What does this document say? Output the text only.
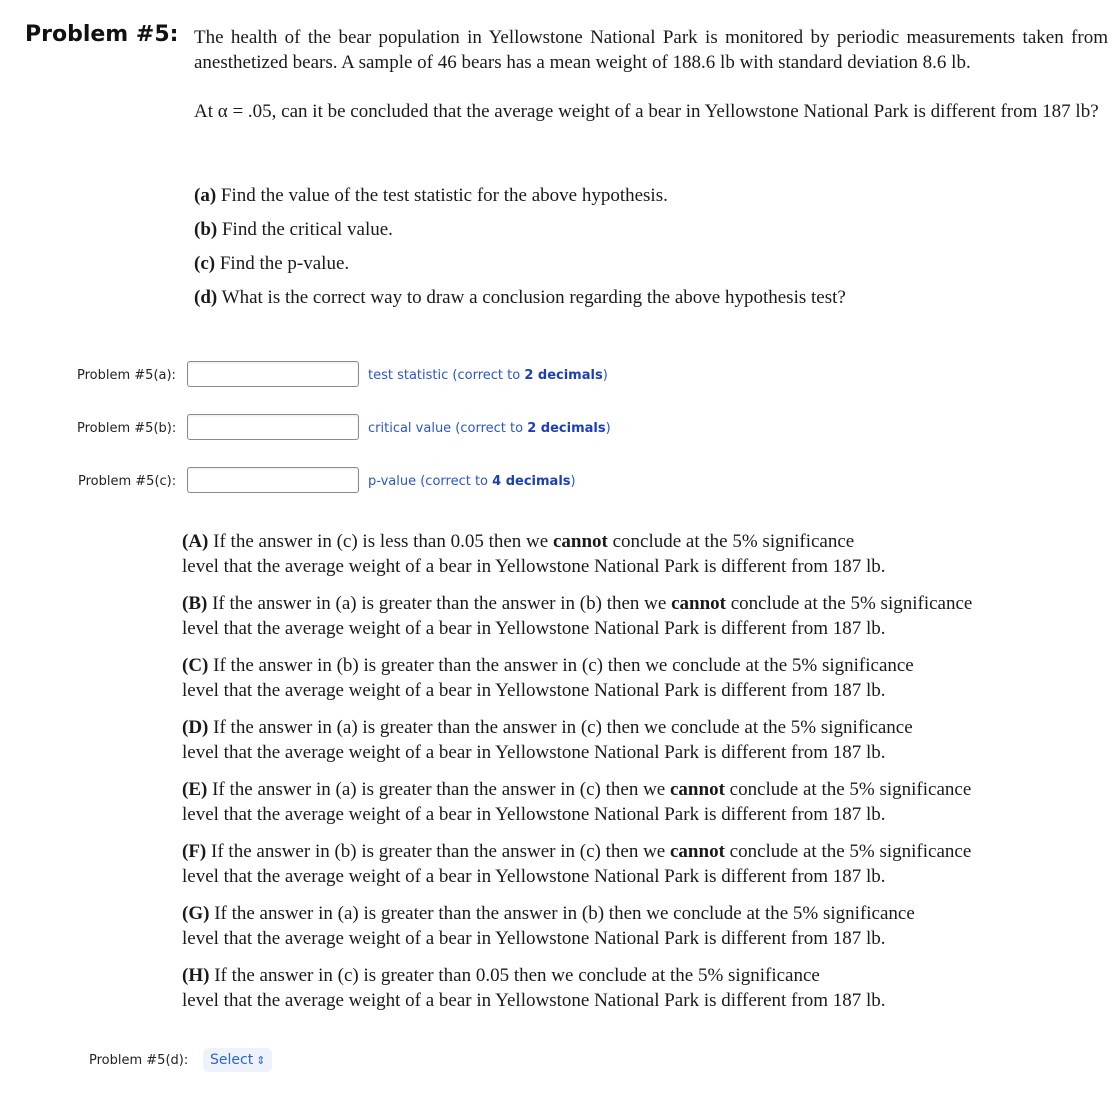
Problem #5: The health of the bear population in Yellowstone National Park is monitored by periodic measurements taken from anesthetized bears. A sample of 46 bears has a mean weight of 188.6 lb with standard deviation 8.6 lb.
At α = .05, can it be concluded that the average weight of a bear in Yellowstone National Park is different from 187 lb?
(a) Find the value of the test statistic for the above hypothesis.
(b) Find the critical value.
(c) Find the p-value.
(d) What is the correct way to draw a conclusion regarding the above hypothesis test?
Problem #5(a):	test statistic (correct to 2 decimals)
Problem #5(b):	critical value (correct to 2 decimals)
Problem #5(c):	p-value (correct to 4 decimals)
(A) If the answer in (c) is less than 0.05 then we cannot conclude at the 5% significance
level that the average weight of a bear in Yellowstone National Park is different from 187 lb.
(B) If the answer in (a) is greater than the answer in (b) then we cannot conclude at the 5% significance
level that the average weight of a bear in Yellowstone National Park is different from 187 lb.
(C) If the answer in (b) is greater than the answer in (c) then we conclude at the 5% significance
level that the average weight of a bear in Yellowstone National Park is different from 187 lb.
(D) If the answer in (a) is greater than the answer in (c) then we conclude at the 5% significance
level that the average weight of a bear in Yellowstone National Park is different from 187 lb.
(E) If the answer in (a) is greater than the answer in (c) then we cannot conclude at the 5% significance
level that the average weight of a bear in Yellowstone National Park is different from 187 lb.
(F) If the answer in (b) is greater than the answer in (c) then we cannot conclude at the 5% significance
level that the average weight of a bear in Yellowstone National Park is different from 187 lb.
(G) If the answer in (a) is greater than the answer in (b) then we conclude at the 5% significance
level that the average weight of a bear in Yellowstone National Park is different from 187 lb.
(H) If the answer in (c) is greater than 0.05 then we conclude at the 5% significance
level that the average weight of a bear in Yellowstone National Park is different from 187 lb.
Problem #5(d):	Select ⇕
